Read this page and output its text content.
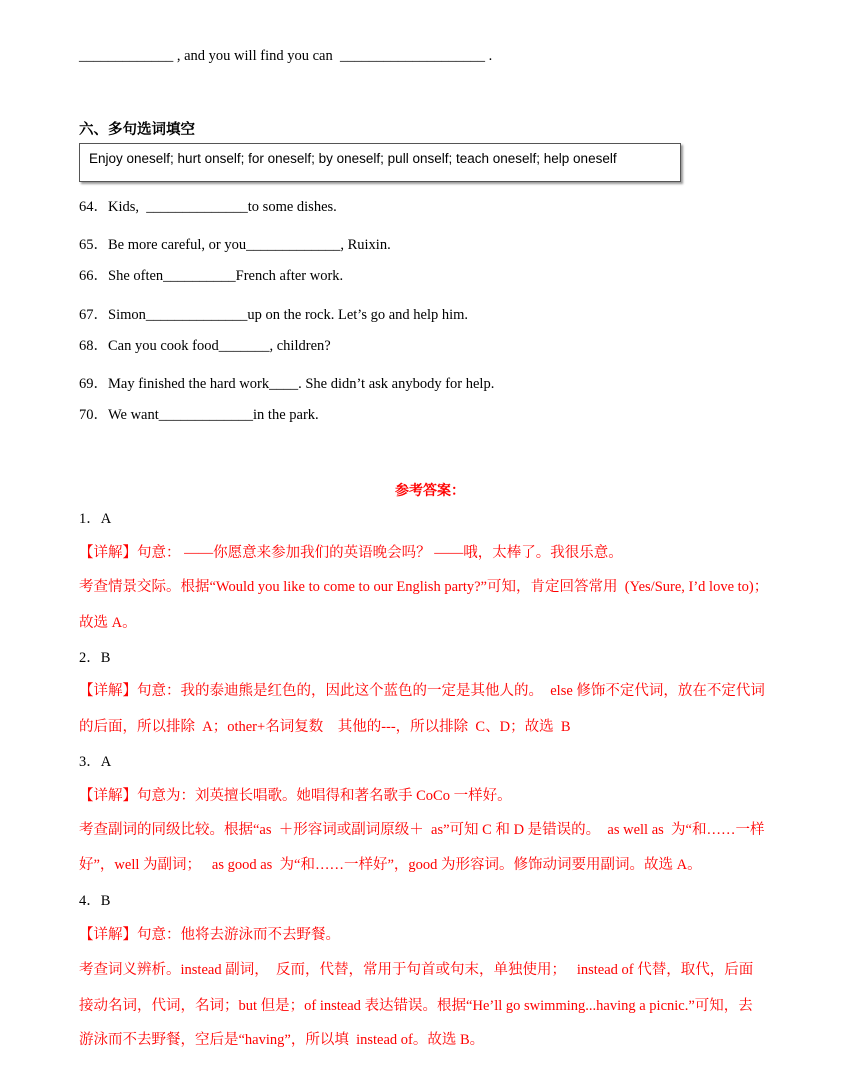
_____________ , and you will find you can  ____________________ .
六、多句选词填空
Enjoy oneself; hurt onself; for oneself; by oneself; pull onself; teach oneself; help oneself
64．Kids,  ______________to some dishes.
65．Be more careful, or you_____________, Ruixin.
66．She often__________French after work.
67．Simon______________up on the rock. Let’s go and help him.
68．Can you cook food_______, children?
69．May finished the hard work____. She didn’t ask anybody for help.
70．We want_____________in the park.
参考答案：
1．A
【详解】句意： ——你愿意来参加我们的英语晚会吗？ ——哦，太棒了。我很乐意。
考查情景交际。根据“Would you like to come to our English party?”可知，肯定回答常用  (Yes/Sure, I’d love to)；
故选 A。
2．B
【详解】句意：我的泰迪熊是红色的，因此这个蓝色的一定是其他人的。  else 修饰不定代词，放在不定代词
的后面，所以排除  A；other+名词复数    其他的---，所以排除  C、D；故选  B
3．A
【详解】句意为：刘英擅长唱歌。她唱得和著名歌手 CoCo 一样好。
考查副词的同级比较。根据“as  ＋形容词或副词原级＋  as”可知 C 和 D 是错误的。  as well as  为“和……一样
好”，well 为副词；   as good as  为“和……一样好”，good 为形容词。修饰动词要用副词。故选 A。
4．B
【详解】句意：他将去游泳而不去野餐。
考查词义辨析。instead 副词，  反而，代替，常用于句首或句末，单独使用；   instead of 代替，取代，后面
接动名词，代词，名词；but 但是；of instead 表达错误。根据“He’ll go swimming...having a picnic.”可知，去
游泳而不去野餐，空后是“having”，所以填  instead of。故选 B。
